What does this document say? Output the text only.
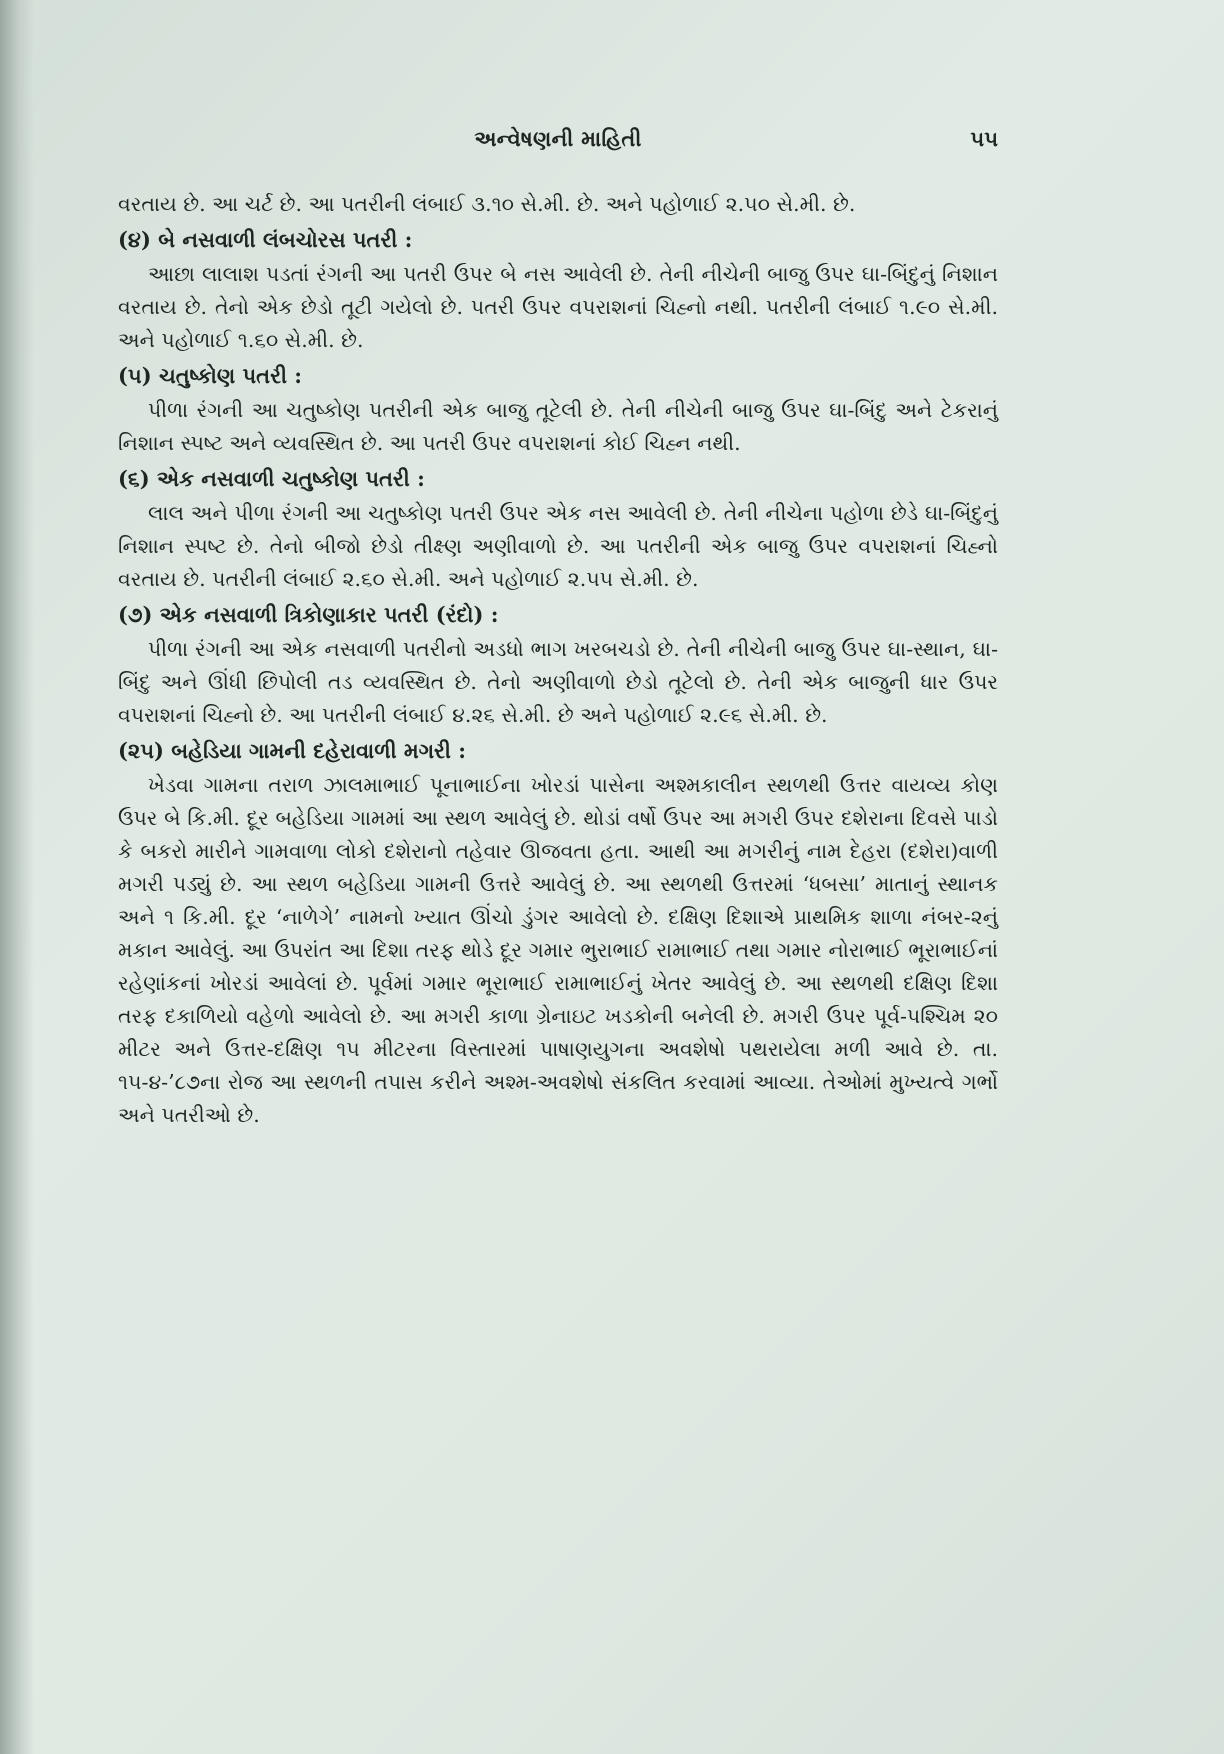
અન્વેષણની માહિતી	૫૫

વરતાય છે. આ ચર્ટ છે. આ પતરીની લંબાઈ ૩.૧૦ સે.મી. છે. અને પહોળાઈ ૨.૫૦ સે.મી. છે.

(૪) બે નસવાળી લંબચોરસ પતરી :

આછા લાલાશ પડતાં રંગની આ પતરી ઉપર બે નસ આવેલી છે. તેની નીચેની બાજુ ઉપર ઘા-બિંદુનું નિશાન વરતાય છે. તેનો એક છેડો તૂટી ગયેલો છે. પતરી ઉપર વપરાશનાં ચિહ્નો નથી. પતરીની લંબાઈ ૧.૯૦ સે.મી. અને પહોળાઈ ૧.૬૦ સે.મી. છે.

(૫) ચતુષ્કોણ પતરી :

પીળા રંગની આ ચતુષ્કોણ પતરીની એક બાજુ તૂટેલી છે. તેની નીચેની બાજુ ઉપર ઘા-બિંદુ અને ટેકરાનું નિશાન સ્પષ્ટ અને વ્યવસ્થિત છે. આ પતરી ઉપર વપરાશનાં કોઈ ચિહ્ન નથી.

(૬) એક નસવાળી ચતુષ્કોણ પતરી :

લાલ અને પીળા રંગની આ ચતુષ્કોણ પતરી ઉપર એક નસ આવેલી છે. તેની નીચેના પહોળા છેડે ઘા-બિંદુનું નિશાન સ્પષ્ટ છે. તેનો બીજો છેડો તીક્ષ્ણ અણીવાળો છે. આ પતરીની એક બાજુ ઉપર વપરાશનાં ચિહ્નો વરતાય છે. પતરીની લંબાઈ ૨.૬૦ સે.મી. અને પહોળાઈ ૨.૫૫ સે.મી. છે.

(૭) એક નસવાળી ત્રિકોણાકાર પતરી (રંદો) :

પીળા રંગની આ એક નસવાળી પતરીનો અડધો ભાગ ખરબચડો છે. તેની નીચેની બાજુ ઉપર ઘા-સ્થાન, ઘા-બિંદુ અને ઊંધી છિપોલી તડ વ્યવસ્થિત છે. તેનો અણીવાળો છેડો તૂટેલો છે. તેની એક બાજુની ધાર ઉપર વપરાશનાં ચિહ્નો છે. આ પતરીની લંબાઈ ૪.૨૬ સે.મી. છે અને પહોળાઈ ૨.૯૬ સે.મી. છે.

(૨૫) બહેડિયા ગામની દહેરાવાળી મગરી :

ખેડવા ગામના તરાળ ઝાલમાભાઈ પૂનાભાઈના ખોરડાં પાસેના અશ્મકાલીન સ્થળથી ઉત્તર વાયવ્ય કોણ ઉપર બે કિ.મી. દૂર બહેડિયા ગામમાં આ સ્થળ આવેલું છે. થોડાં વર્ષો ઉપર આ મગરી ઉપર દશેરાના દિવસે પાડો કે બકરો મારીને ગામવાળા લોકો દશેરાનો તહેવાર ઊજવતા હતા. આથી આ મગરીનું નામ દેહરા (દશેરા)વાળી મગરી પડ્યું છે. આ સ્થળ બહેડિયા ગામની ઉત્તરે આવેલું છે. આ સ્થળથી ઉત્તરમાં ‘ધબસા’ માતાનું સ્થાનક અને ૧ કિ.મી. દૂર ‘નાળેગે’ નામનો ખ્યાત ઊંચો ડુંગર આવેલો છે. દક્ષિણ દિશાએ પ્રાથમિક શાળા નંબર-૨નું મકાન આવેલું. આ ઉપરાંત આ દિશા તરફ થોડે દૂર ગમાર ભુરાભાઈ રામાભાઈ તથા ગમાર નોરાભાઈ ભૂરાભાઈનાં રહેણાંકનાં ખોરડાં આવેલાં છે. પૂર્વમાં ગમાર ભૂરાભાઈ રામાભાઈનું ખેતર આવેલું છે. આ સ્થળથી દક્ષિણ દિશા તરફ દકાળિયો વહેળો આવેલો છે. આ મગરી કાળા ગ્રેનાઇટ ખડકોની બનેલી છે. મગરી ઉપર પૂર્વ-પશ્ચિમ ૨૦ મીટર અને ઉત્તર-દક્ષિણ ૧૫ મીટરના વિસ્તારમાં પાષાણયુગના અવશેષો પથરાયેલા મળી આવે છે. તા. ૧૫-૪-’૮૭ના રોજ આ સ્થળની તપાસ કરીને અશ્મ-અવશેષો સંકલિત કરવામાં આવ્યા. તેઓમાં મુખ્યત્વે ગર્ભો અને પતરીઓ છે.
